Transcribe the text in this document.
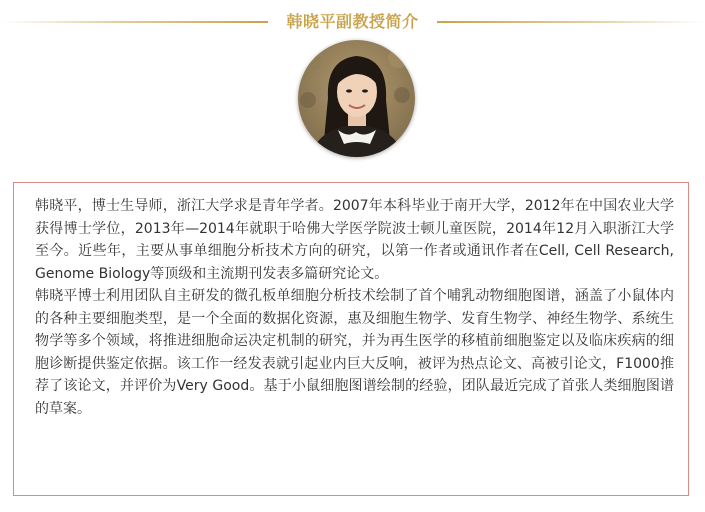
韩晓平副教授简介

韩晓平，博士生导师，浙江大学求是青年学者。2007年本科毕业于南开大学，2012年在中国农业大学获得博士学位，2013年—2014年就职于哈佛大学医学院波士顿儿童医院，2014年12月入职浙江大学至今。近些年，主要从事单细胞分析技术方向的研究，以第一作者或通讯作者在Cell, Cell Research, Genome Biology等顶级和主流期刊发表多篇研究论文。

韩晓平博士利用团队自主研发的微孔板单细胞分析技术绘制了首个哺乳动物细胞图谱，涵盖了小鼠体内的各种主要细胞类型，是一个全面的数据化资源，惠及细胞生物学、发育生物学、神经生物学、系统生物学等多个领域，将推进细胞命运决定机制的研究，并为再生医学的移植前细胞鉴定以及临床疾病的细胞诊断提供鉴定依据。该工作一经发表就引起业内巨大反响，被评为热点论文、高被引论文，F1000推荐了该论文，并评价为Very Good。基于小鼠细胞图谱绘制的经验，团队最近完成了首张人类细胞图谱的草案。
